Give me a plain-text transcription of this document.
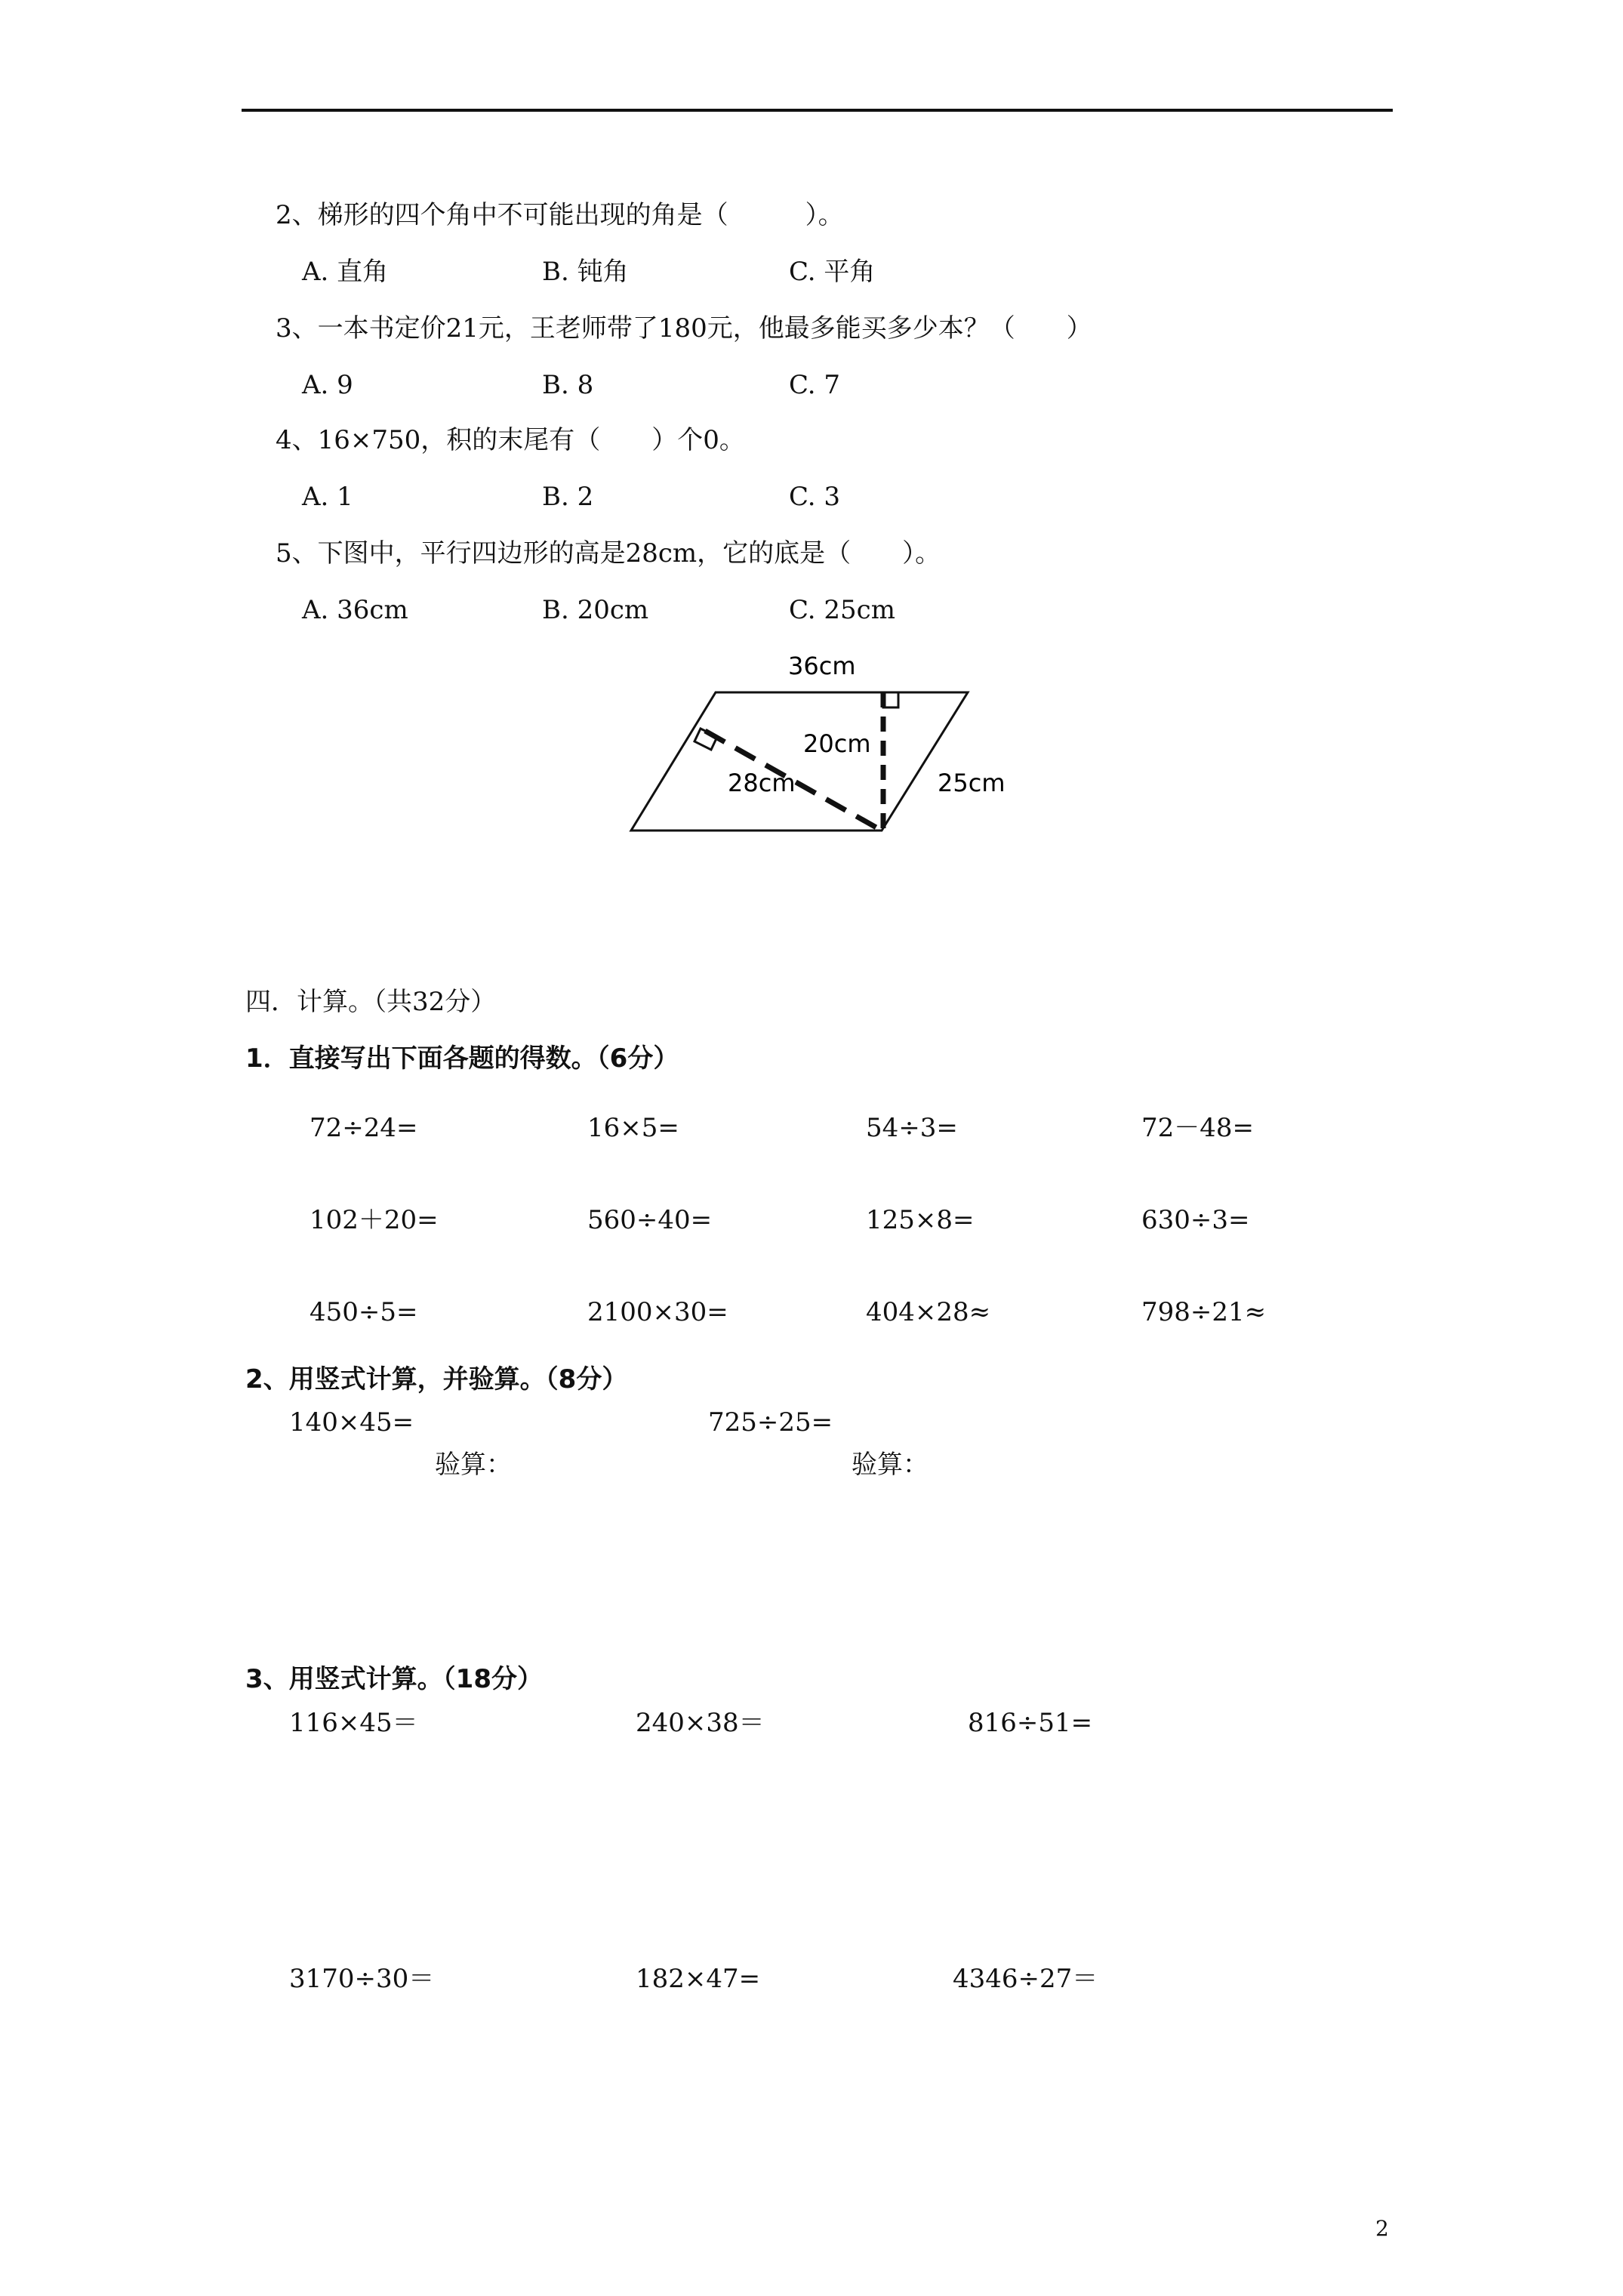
2、梯形的四个角中不可能出现的角是（　　　）。
A. 直角	B. 钝角	C. 平角
3、一本书定价21元，王老师带了180元，他最多能买多少本？（　　）
A. 9	B. 8	C. 7
4、16×750，积的末尾有（　　）个0。
A. 1	B. 2	C. 3
5、下图中，平行四边形的高是28cm，它的底是（　　）。
A. 36cm	B. 20cm	C. 25cm
36cm
20cm
28cm	25cm
四．计算。（共32分）
1．直接写出下面各题的得数。（6分）
72÷24=	16×5=	54÷3=	72－48=
102＋20=	560÷40=	125×8=	630÷3=
450÷5=	2100×30=	404×28≈	798÷21≈
2、用竖式计算，并验算。（8分）
140×45=	725÷25=
验算：	验算：
3、用竖式计算。（18分）
116×45＝	240×38＝	816÷51=
3170÷30＝	182×47=	4346÷27＝
2
